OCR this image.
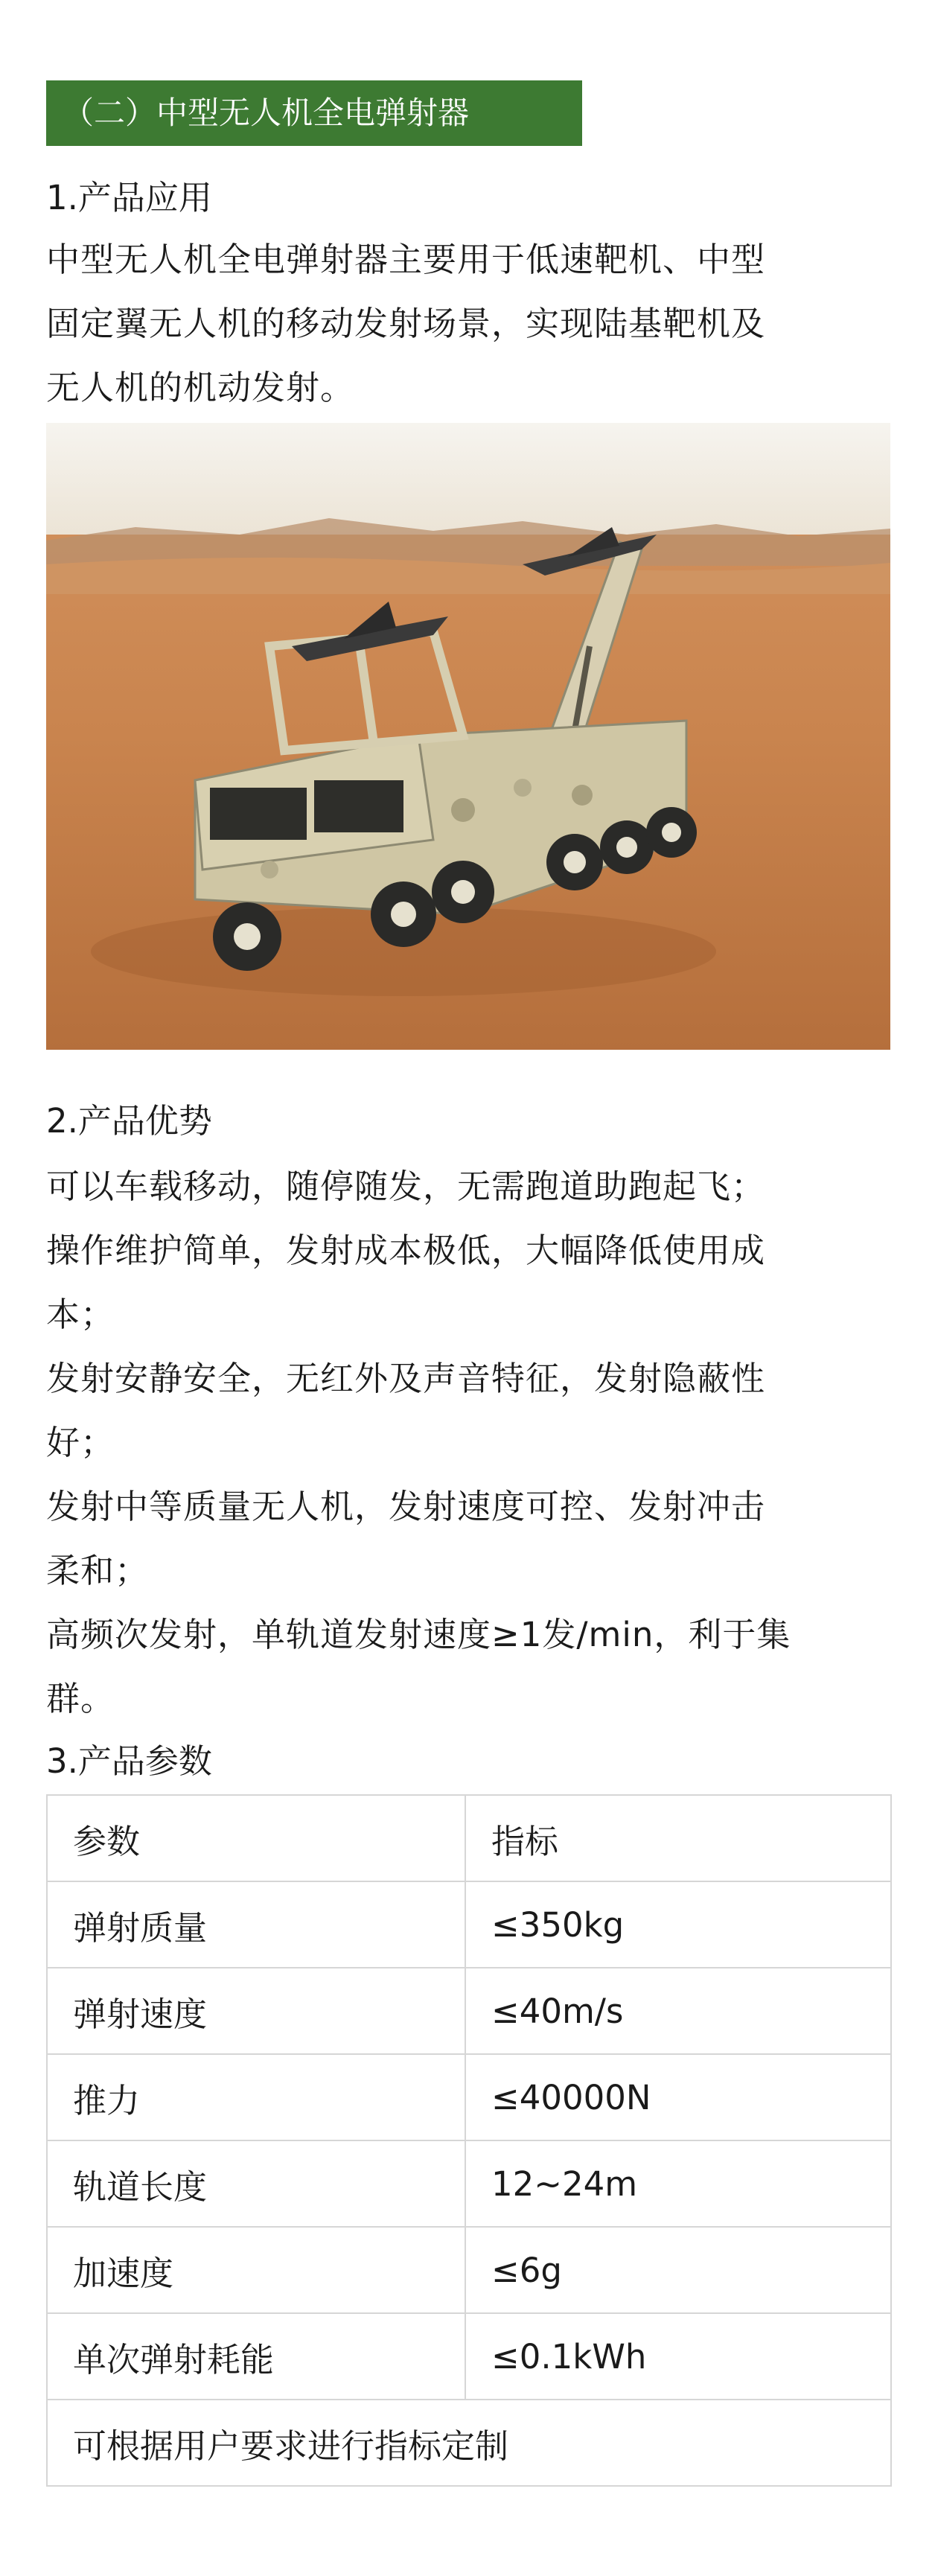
（二）中型无人机全电弹射器
1.产品应用
中型无人机全电弹射器主要用于低速靶机、中型
固定翼无人机的移动发射场景，实现陆基靶机及
无人机的机动发射。
2.产品优势
可以车载移动，随停随发，无需跑道助跑起飞；
操作维护简单，发射成本极低，大幅降低使用成
本；
发射安静安全，无红外及声音特征，发射隐蔽性
好；
发射中等质量无人机，发射速度可控、发射冲击
柔和；
高频次发射，单轨道发射速度≥1发/min，利于集
群。
3.产品参数
参数	指标
弹射质量	≤350kg
弹射速度	≤40m/s
推力	≤40000N
轨道长度	12~24m
加速度	≤6g
单次弹射耗能	≤0.1kWh
可根据用户要求进行指标定制	
